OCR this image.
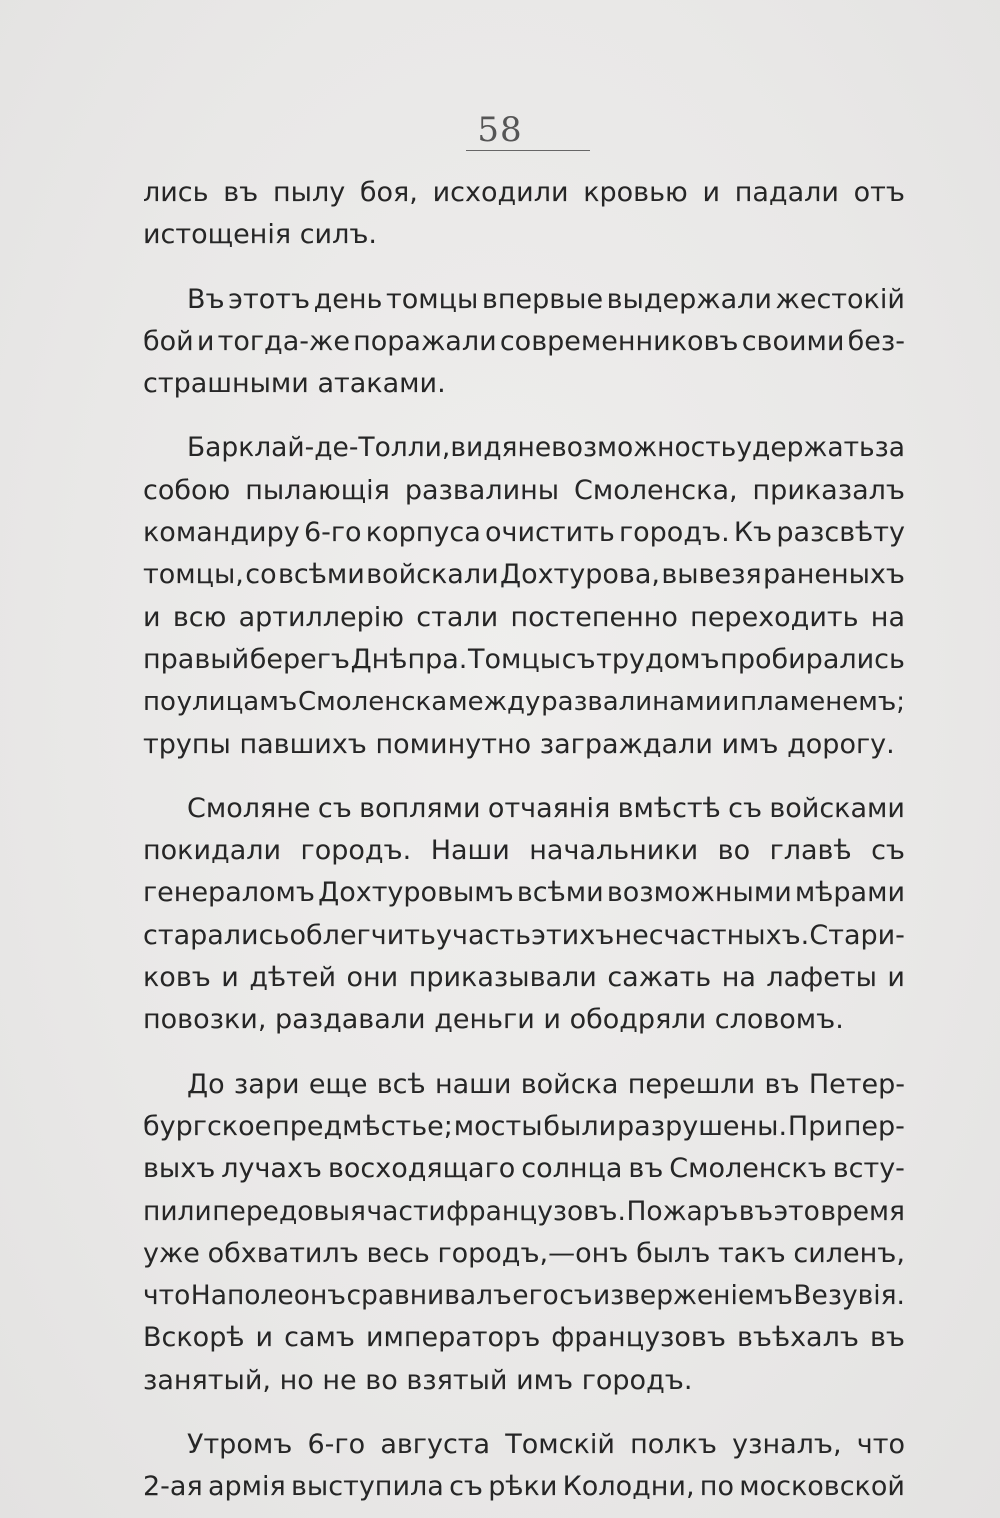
58
лись въ пылу боя, исходили кровью и падали отъ
истощенія силъ.
Въ этотъ день томцы впервые выдержали жестокій
бой и тогда-же поражали современниковъ своими без-
страшными атаками.
Барклай-де-Толли, видя невозможность удержать за
собою пылающія развалины Смоленска, приказалъ
командиру 6-го корпуса очистить городъ. Къ разсвѣту
томцы, со всѣми войскали Дохтурова, вывезя раненыхъ
и всю артиллерію стали постепенно переходить на
правый берегъ Днѣпра. Томцы съ трудомъ пробирались
по улицамъ Смоленска между развалинами и пламенемъ;
трупы павшихъ поминутно заграждали имъ дорогу.
Смоляне съ воплями отчаянія вмѣстѣ съ войсками
покидали городъ. Наши начальники во главѣ съ
генераломъ Дохтуровымъ всѣми возможными мѣрами
старались облегчить участь этихъ несчастныхъ. Стари-
ковъ и дѣтей они приказывали сажать на лафеты и
повозки, раздавали деньги и ободряли словомъ.
До зари еще всѣ наши войска перешли въ Петер-
бургское предмѣстье; мосты были разрушены. При пер-
выхъ лучахъ восходящаго солнца въ Смоленскъ всту-
пили передовыя части французовъ. Пожаръ въ это время
уже обхватилъ весь городъ,—онъ былъ такъ силенъ,
что Наполеонъ сравнивалъ его съ изверженіемъ Везувія.
Вскорѣ и самъ императоръ французовъ въѣхалъ въ
занятый, но не во взятый имъ городъ.
Утромъ 6-го августа Томскій полкъ узналъ, что
2-ая армія выступила съ рѣки Колодни, по московской
